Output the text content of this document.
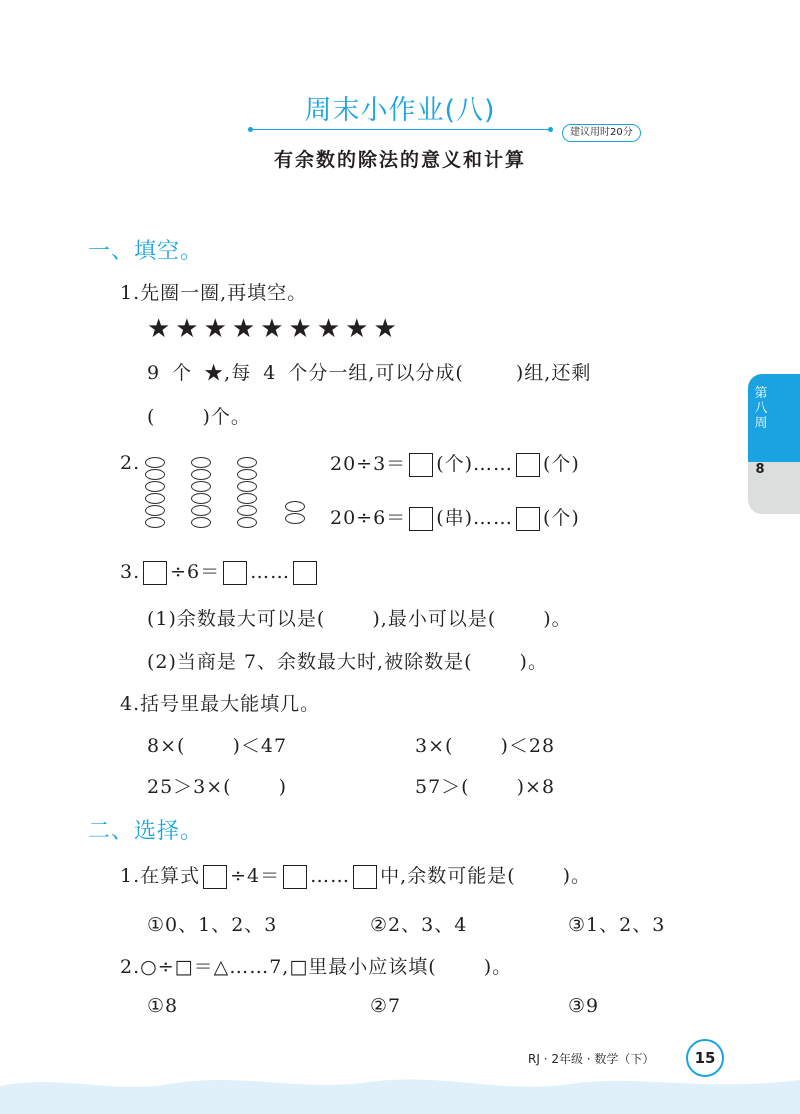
周末小作业(八)
建议用时20分
有余数的除法的意义和计算
第八周
8
一、填空。
1.先圈一圈,再填空。
★★★★★★★★★
9 个 ★,每 4 个分一组,可以分成(　　 )组,还剩
(　　 )个。
2.	20÷3＝ (个)…… (个)
20÷6＝ (串)…… (个)
3. ÷6＝ ……
(1)余数最大可以是(　　 ),最小可以是(　　 )。
(2)当商是 7、余数最大时,被除数是(　　 )。
4.括号里最大能填几。
8×(　　 )＜47	3×(　　 )＜28
25＞3×(　　 )	57＞(　　 )×8
二、选择。
1.在算式 ÷4＝ …… 中,余数可能是(　　 )。
①0、1、2、3	②2、3、4	③1、2、3
2.○÷□＝△……7,□里最小应该填(　　 )。
①8	②7	③9
RJ · 2年级 · 数学（下）	15
